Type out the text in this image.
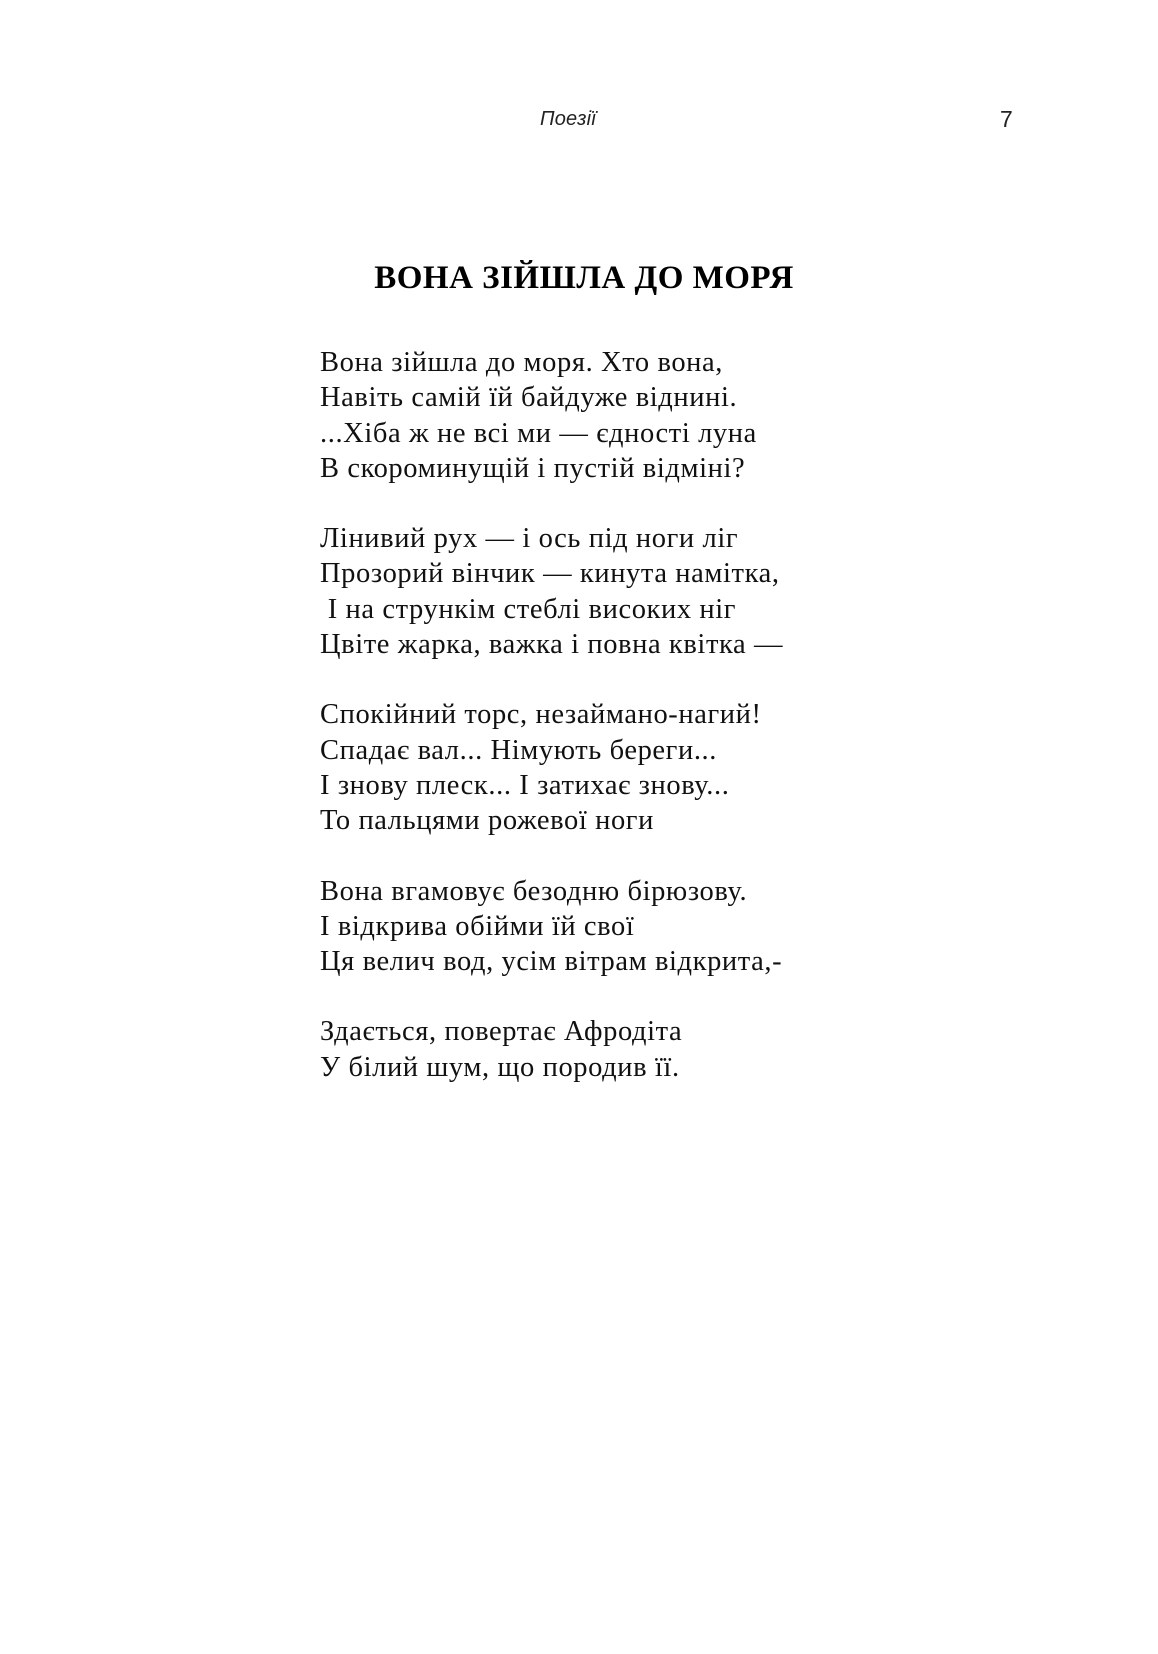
Поезії	7
ВОНА ЗІЙШЛА ДО МОРЯ
Вона зійшла до моря. Хто вона,
Навіть самій їй байдуже віднині.
...Хіба ж не всі ми — єдності луна
В скороминущій і пустій відміні?
Лінивий рух — і ось під ноги ліг
Прозорий вінчик — кинута намітка,
І на стрункім стеблі високих ніг
Цвіте жарка, важка і повна квітка —
Спокійний торс, незаймано-нагий!
Спадає вал... Німують береги...
І знову плеск... І затихає знову...
То пальцями рожевої ноги
Вона вгамовує безодню бірюзову.
І відкрива обійми їй свої
Ця велич вод, усім вітрам відкрита,-
Здається, повертає Афродіта
У білий шум, що породив її.
